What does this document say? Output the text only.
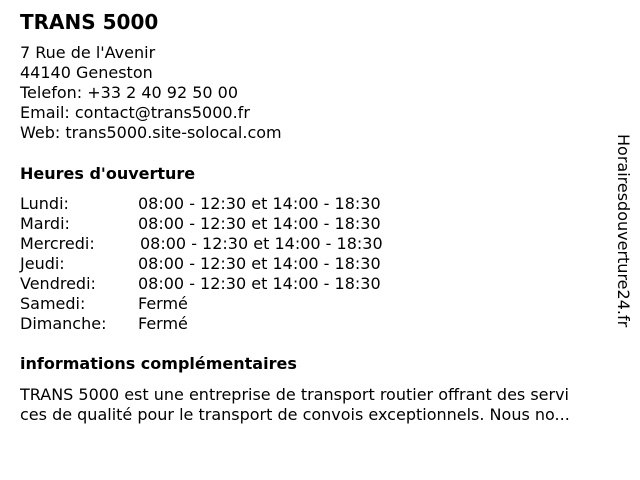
TRANS 5000
7 Rue de l'Avenir
44140 Geneston
Telefon: +33 2 40 92 50 00
Email: contact@trans5000.fr
Web: trans5000.site-solocal.com
Heures d'ouverture
Lundi:	08:00 - 12:30 et 14:00 - 18:30
Mardi:	08:00 - 12:30 et 14:00 - 18:30
Mercredi:	08:00 - 12:30 et 14:00 - 18:30
Jeudi:	08:00 - 12:30 et 14:00 - 18:30
Vendredi:	08:00 - 12:30 et 14:00 - 18:30
Samedi:	Fermé
Dimanche: Fermé
informations complémentaires
TRANS 5000 est une entreprise de transport routier offrant des servi
ces de qualité pour le transport de convois exceptionnels. Nous no...
Horairesdouverture24.fr
